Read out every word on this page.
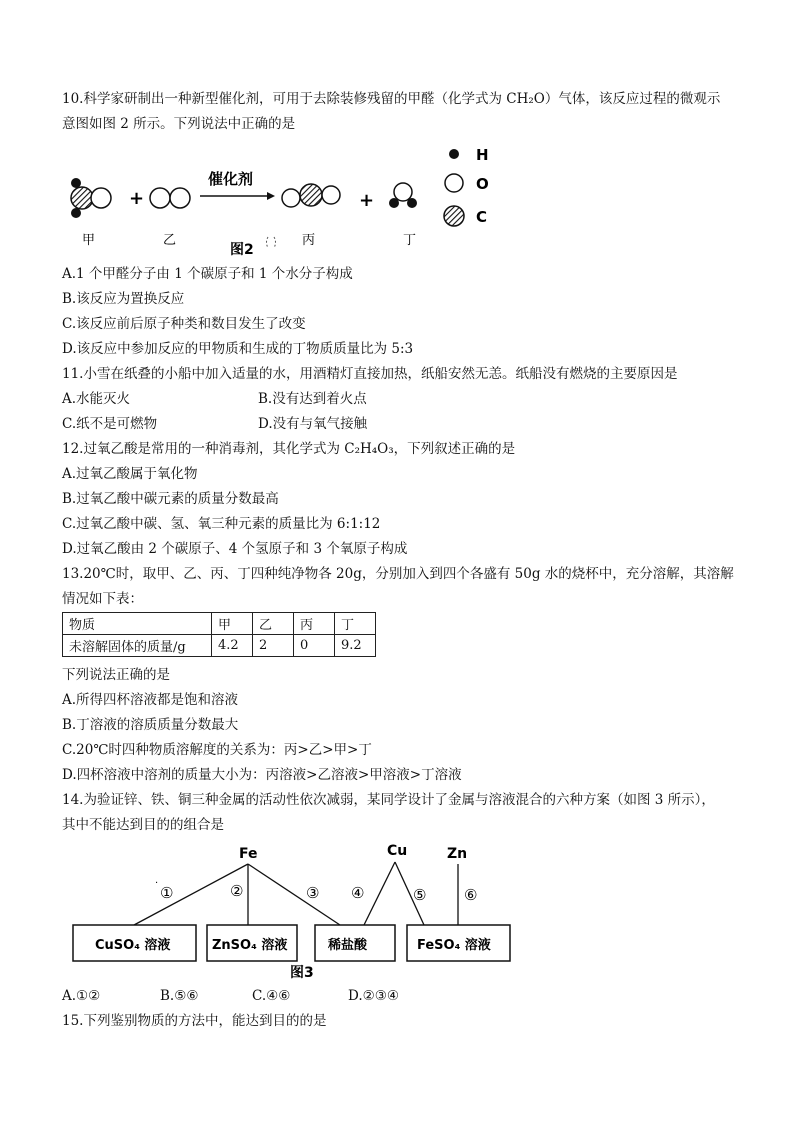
10.科学家研制出一种新型催化剂，可用于去除装修残留的甲醛（化学式为 CH₂O）气体，该反应过程的微观示
意图如图 2 所示。下列说法中正确的是
+
催化剂
+
H
O
C
甲	乙	丙	丁
图2
A.1 个甲醛分子由 1 个碳原子和 1 个水分子构成
B.该反应为置换反应
C.该反应前后原子种类和数目发生了改变
D.该反应中参加反应的甲物质和生成的丁物质质量比为 5:3
11.小雪在纸叠的小船中加入适量的水，用酒精灯直接加热，纸船安然无恙。纸船没有燃烧的主要原因是
A.水能灭火	B.没有达到着火点
C.纸不是可燃物	D.没有与氧气接触
12.过氧乙酸是常用的一种消毒剂，其化学式为 C₂H₄O₃，下列叙述正确的是
A.过氧乙酸属于氧化物
B.过氧乙酸中碳元素的质量分数最高
C.过氧乙酸中碳、氢、氧三种元素的质量比为 6:1:12
D.过氧乙酸由 2 个碳原子、4 个氢原子和 3 个氧原子构成
13.20℃时，取甲、乙、丙、丁四种纯净物各 20g，分别加入到四个各盛有 50g 水的烧杯中，充分溶解，其溶解
情况如下表：
物质	甲	乙	丙	丁
未溶解固体的质量/g	4.2	2	0	9.2
下列说法正确的是
A.所得四杯溶液都是饱和溶液
B.丁溶液的溶质质量分数最大
C.20℃时四种物质溶解度的关系为：丙>乙>甲>丁
D.四杯溶液中溶剂的质量大小为：丙溶液>乙溶液>甲溶液>丁溶液
14.为验证锌、铁、铜三种金属的活动性依次减弱，某同学设计了金属与溶液混合的六种方案（如图 3 所示），
其中不能达到目的的组合是
Fe	Cu	Zn
①	②	③ ④	⑤	⑥
·
CuSO₄ 溶液	ZnSO₄ 溶液	稀盐酸	FeSO₄ 溶液
图3
A.①②	B.⑤⑥	C.④⑥	D.②③④
15.下列鉴别物质的方法中，能达到目的的是
